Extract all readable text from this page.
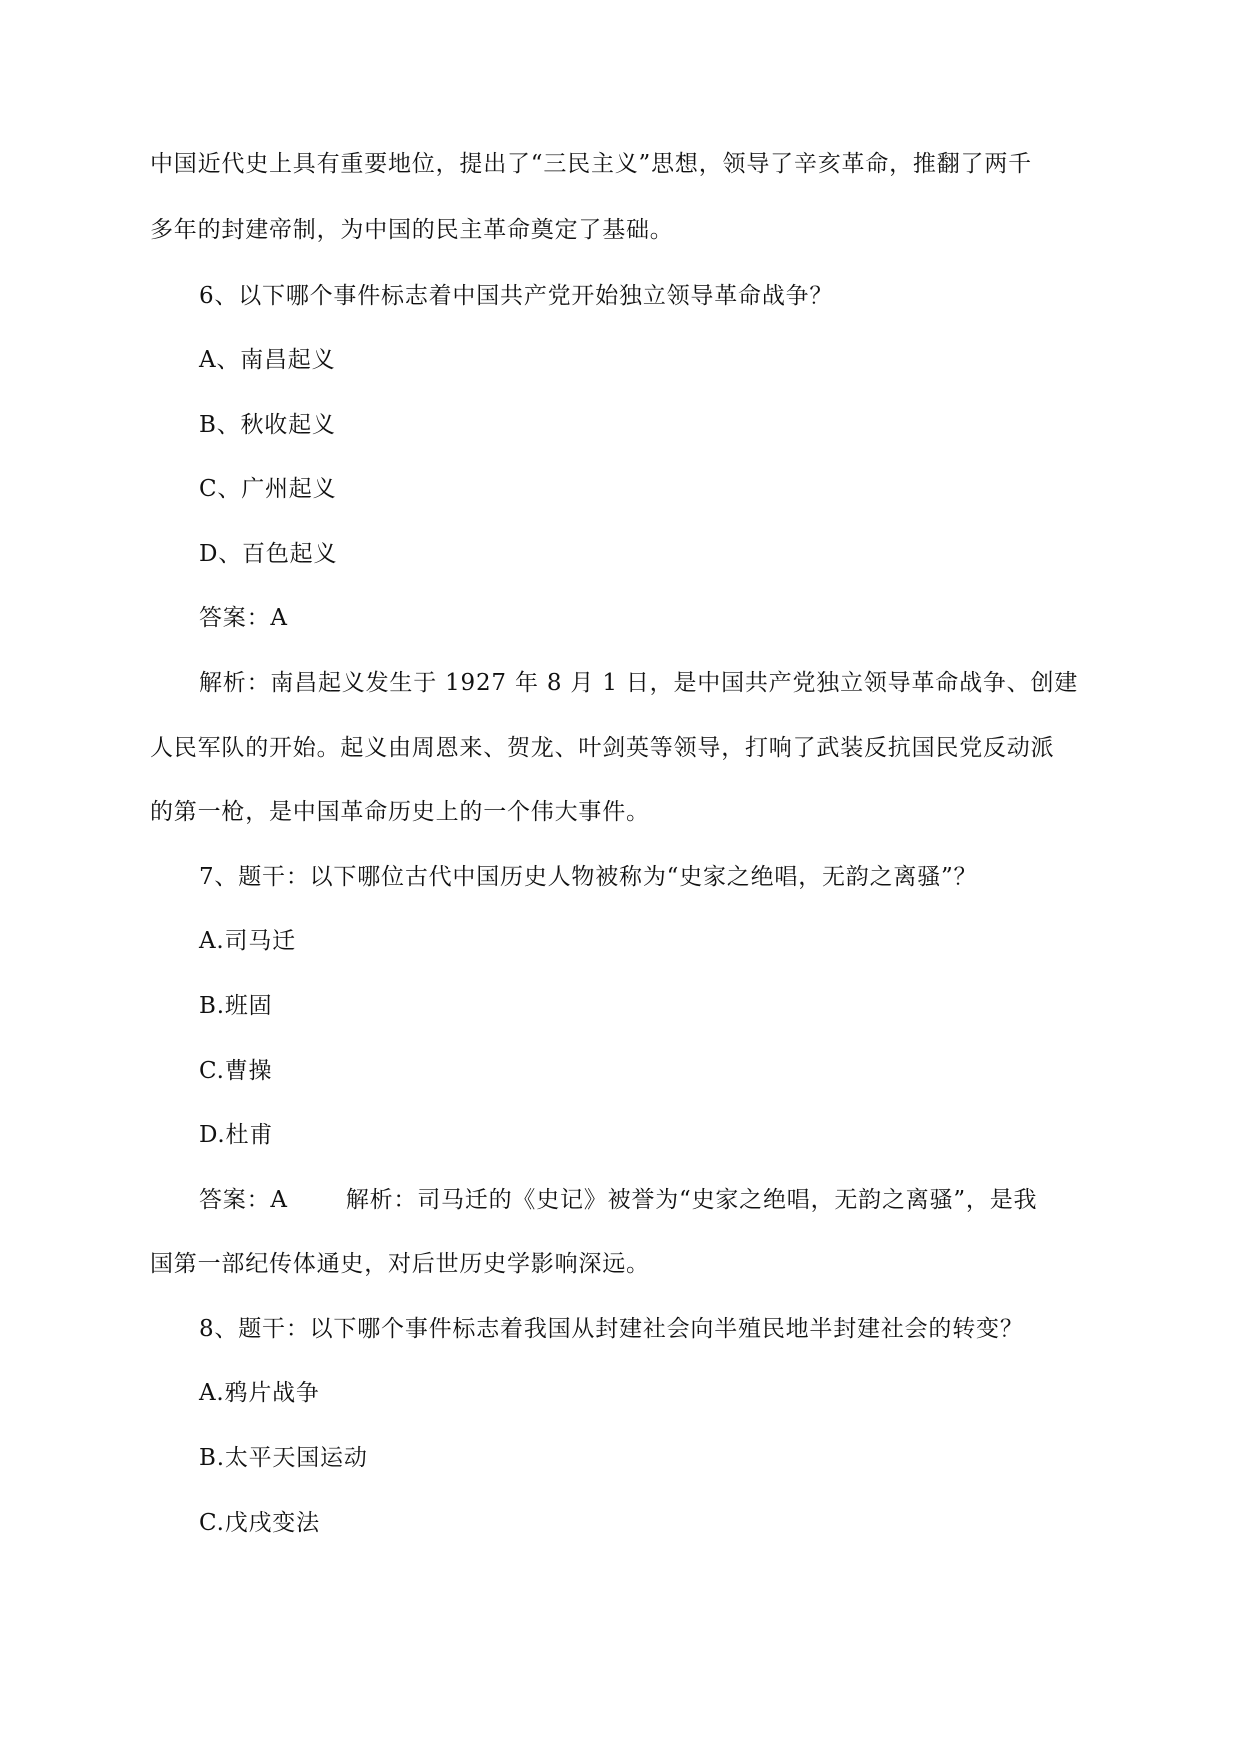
中国近代史上具有重要地位，提出了“三民主义”思想，领导了辛亥革命，推翻了两千
多年的封建帝制，为中国的民主革命奠定了基础。
6、以下哪个事件标志着中国共产党开始独立领导革命战争？
A、南昌起义
B、秋收起义
C、广州起义
D、百色起义
答案：A
解析：南昌起义发生于 1927 年 8 月 1 日，是中国共产党独立领导革命战争、创建
人民军队的开始。起义由周恩来、贺龙、叶剑英等领导，打响了武装反抗国民党反动派
的第一枪，是中国革命历史上的一个伟大事件。
7、题干：以下哪位古代中国历史人物被称为“史家之绝唱，无韵之离骚”？
A.司马迁
B.班固
C.曹操
D.杜甫
答案：A	解析：司马迁的《史记》被誉为“史家之绝唱，无韵之离骚”，是我
国第一部纪传体通史，对后世历史学影响深远。
8、题干：以下哪个事件标志着我国从封建社会向半殖民地半封建社会的转变？
A.鸦片战争
B.太平天国运动
C.戊戌变法
